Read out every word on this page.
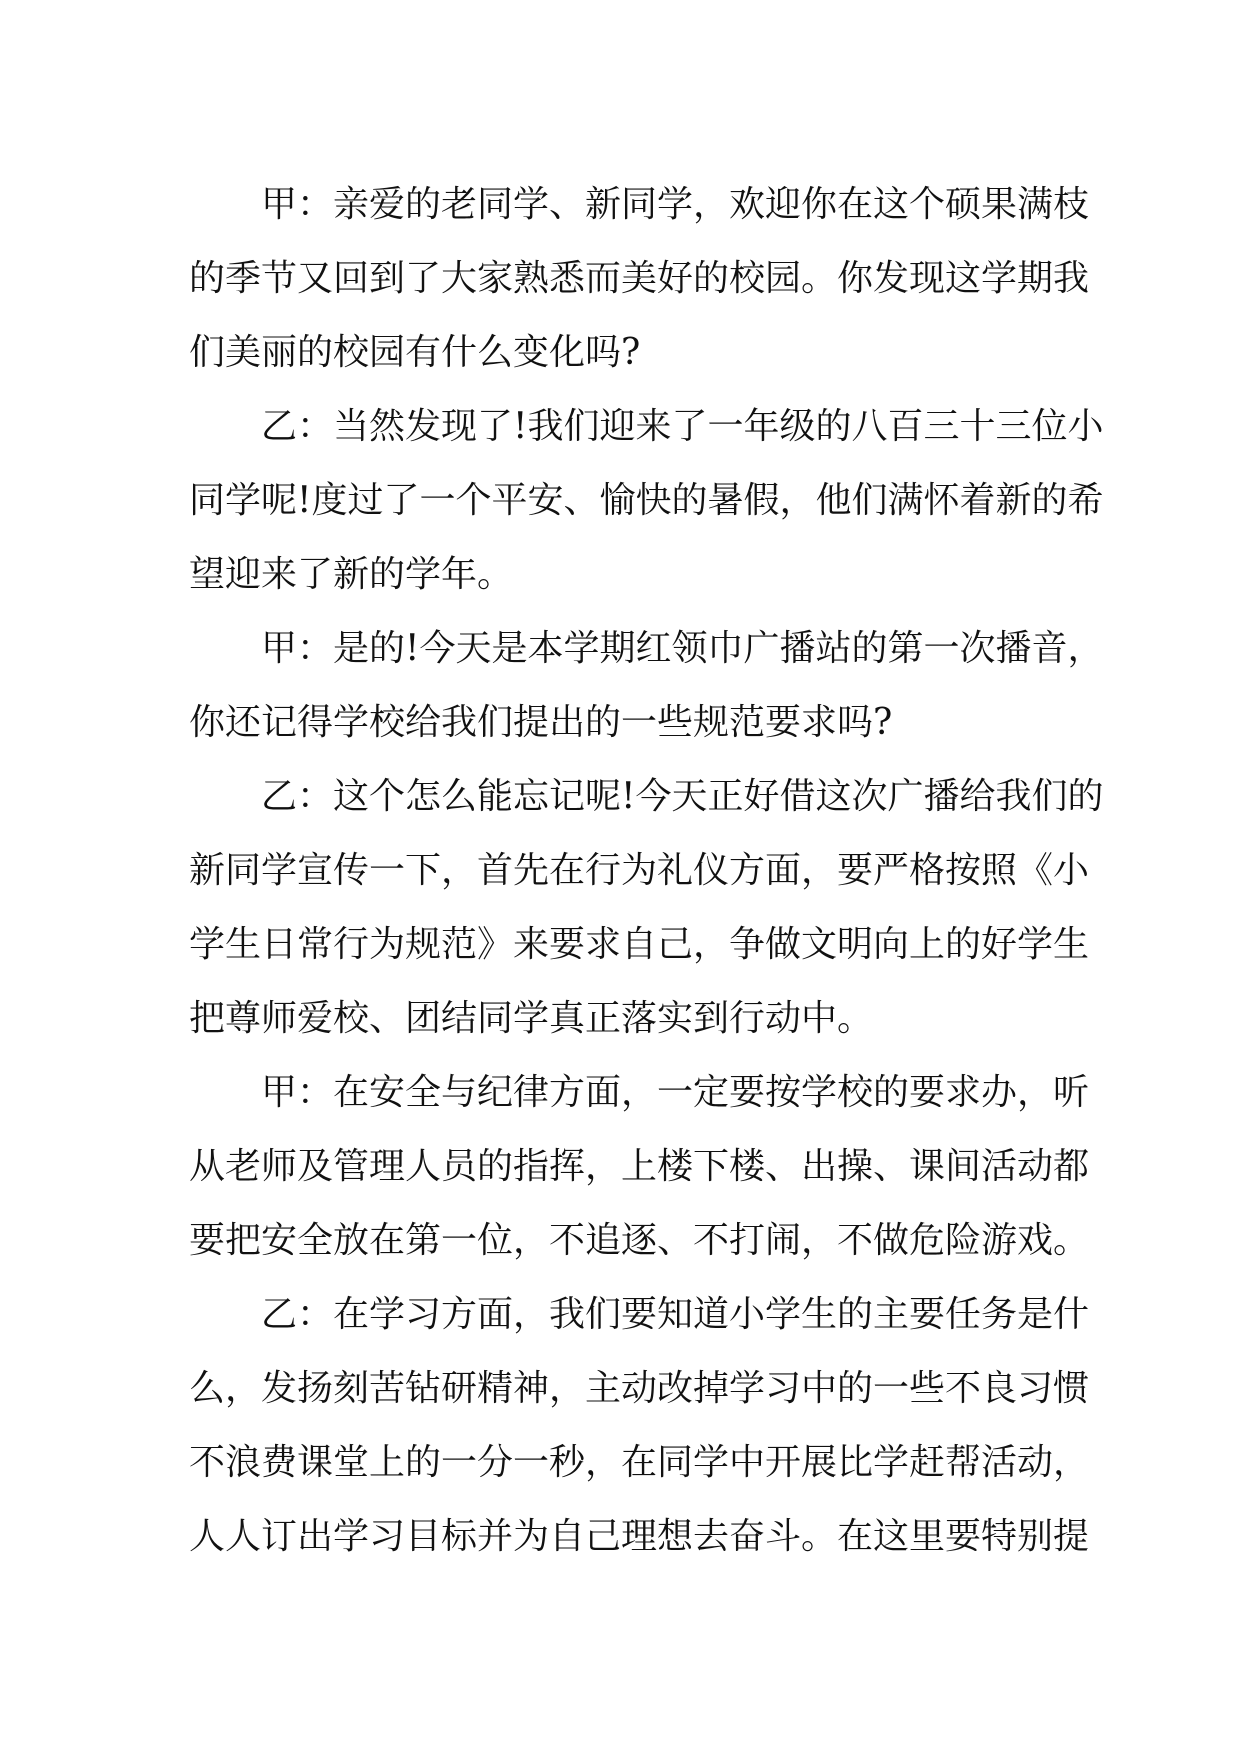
甲：亲爱的老同学、新同学，欢迎你在这个硕果满枝
的季节又回到了大家熟悉而美好的校园。你发现这学期我
们美丽的校园有什么变化吗?
乙：当然发现了!我们迎来了一年级的八百三十三位小
同学呢!度过了一个平安、愉快的暑假，他们满怀着新的希
望迎来了新的学年。
甲：是的!今天是本学期红领巾广播站的第一次播音，
你还记得学校给我们提出的一些规范要求吗?
乙：这个怎么能忘记呢!今天正好借这次广播给我们的
新同学宣传一下，首先在行为礼仪方面，要严格按照《小
学生日常行为规范》来要求自己，争做文明向上的好学生
把尊师爱校、团结同学真正落实到行动中。
甲：在安全与纪律方面，一定要按学校的要求办，听
从老师及管理人员的指挥，上楼下楼、出操、课间活动都
要把安全放在第一位，不追逐、不打闹，不做危险游戏。
乙：在学习方面，我们要知道小学生的主要任务是什
么，发扬刻苦钻研精神，主动改掉学习中的一些不良习惯
不浪费课堂上的一分一秒，在同学中开展比学赶帮活动，
人人订出学习目标并为自己理想去奋斗。在这里要特别提
